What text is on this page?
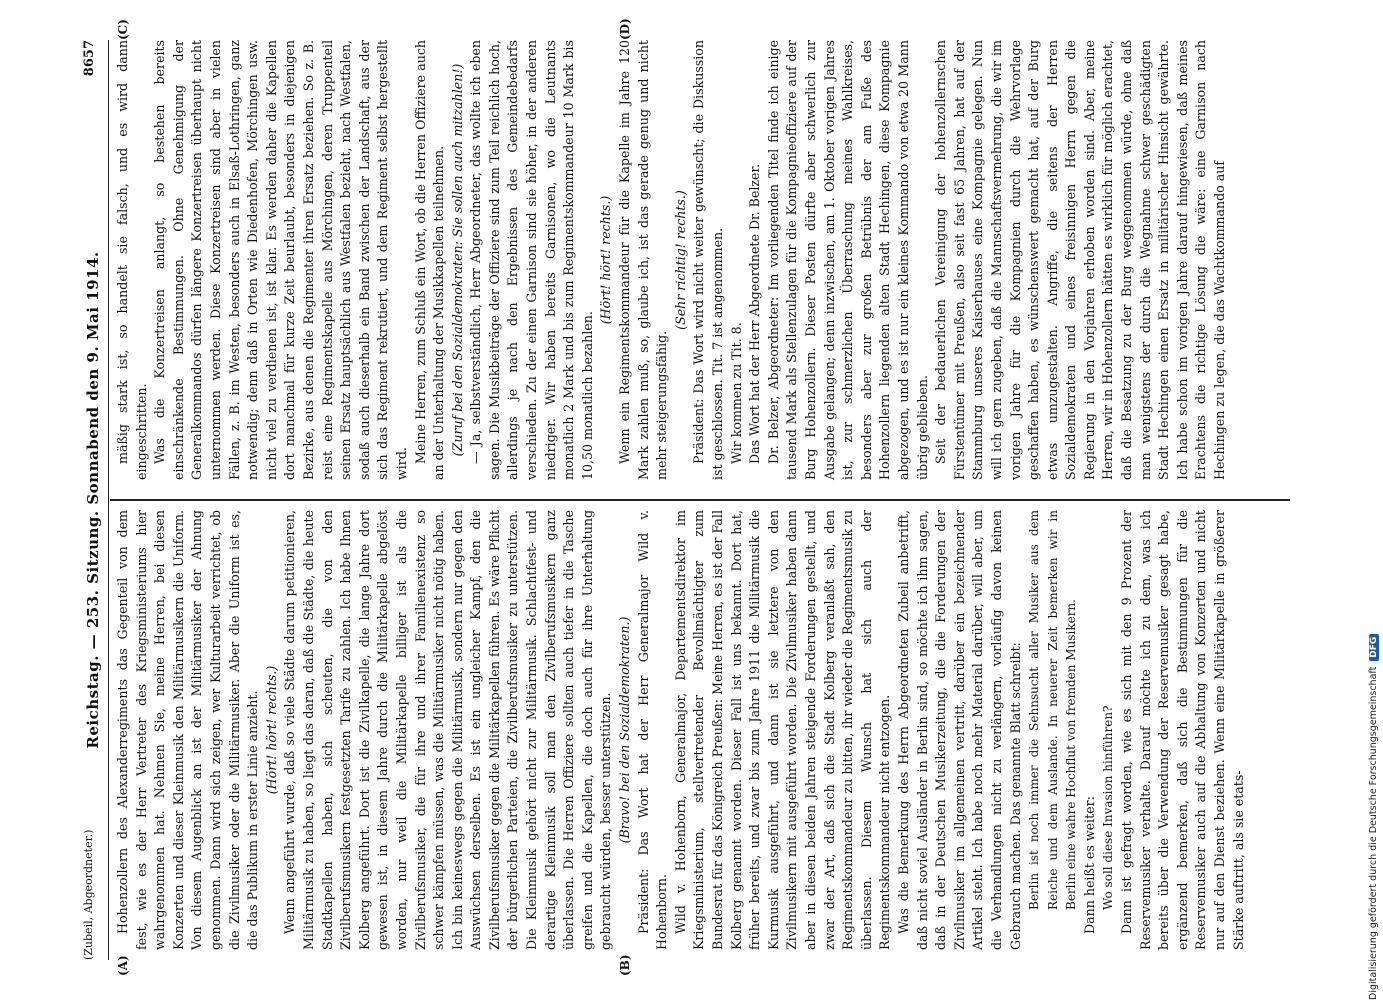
(Zubeil, Abgeordneter.)
Reichstag. — 253. Sitzung. Sonnabend den 9. Mai 1914.
8657
(A)	(B)
(C)	(D)

Hohenzollern des Alexanderregiments das Gegenteil von dem fest, wie es der Herr Vertreter des Kriegsministeriums hier wahrgenommen hat. Nehmen Sie, meine Herren, bei diesen Konzerten und dieser Kleinmusik den Militärmusikern die Uniform. Von diesem Augenblick an ist der Militärmusiker der Ahnung genommen. Dann wird sich zeigen, wer Kulturarbeit verrichtet, ob die Zivilmusiker oder die Militärmusiker. Aber die Uniform ist es, die das Publikum in erster Linie anzieht. (Hört! hört! rechts.) Wenn angeführt wurde, daß so viele Städte darum petitionieren, Militärmusik zu haben, so liegt das daran, daß die Städte, die heute Stadtkapellen haben, sich scheuten, die von den Zivilberufsmusikern festgesetzten Tarife zu zahlen. Ich habe Ihnen Kolberg angeführt. Dort ist die Zivilkapelle, die lange Jahre dort gewesen ist, in diesem Jahre durch die Militärkapelle abgelöst worden, nur weil die Militärkapelle billiger ist als die Zivilberufsmusiker, die für ihre und ihrer Familienexistenz so schwer kämpfen müssen, was die Militärmusiker nicht nötig haben. Ich bin keineswegs gegen die Militärmusik, sondern nur gegen den Auswüchsen derselben. Es ist ein ungleicher Kampf, den die Zivilberufsmusiker gegen die Militärkapellen führen. Es wäre Pflicht der bürgerlichen Parteien, die Zivilberufsmusiker zu unterstützen. Die Kleinmusik gehört nicht zur Militärmusik. Schlachtfest- und derartige Kleinmusik soll man den Zivilberufsmusikern ganz überlassen. Die Herren Offiziere sollten auch tiefer in die Tasche greifen und die Kapellen, die doch auch für ihre Unterhaltung gebraucht würden, besser unterstützen. (Bravo! bei den Sozialdemokraten.) Präsident: Das Wort hat der Herr Generalmajor Wild v. Hohenborn. Wild v. Hohenborn, Generalmajor, Departementsdirektor im Kriegsministerium, stellvertretender Bevollmächtigter zum Bundesrat für das Königreich Preußen: Meine Herren, es ist der Fall Kolberg genannt worden. Dieser Fall ist uns bekannt. Dort hat, früher bereits, und zwar bis zum Jahre 1911 die Militärmusik die Kurmusik ausgeführt, und dann ist sie letztere von den Zivilmusikern mit ausgeführt worden. Die Zivilmusiker haben dann aber in diesen beiden Jahren steigende Forderungen gestellt, und zwar der Art, daß sich die Stadt Kolberg veranlaßt sah, den Regimentskommandeur zu bitten, ihr wieder die Regimentsmusik zu überlassen. Diesem Wunsch hat sich auch der Regimentskommandeur nicht entzogen. Was die Bemerkung des Herrn Abgeordneten Zubeil anbetrifft, daß nicht soviel Ausländer in Berlin sind, so möchte ich ihm sagen, daß in der Deutschen Musikerzeitung, die die Forderungen der Zivilmusiker im allgemeinen vertritt, darüber ein bezeichnender Artikel steht. Ich habe noch mehr Material darüber, will aber, um die Verhandlungen nicht zu verlängern, vorläufig davon keinen Gebrauch machen. Das genannte Blatt schreibt: Berlin ist noch immer die Sehnsucht aller Musiker aus dem Reiche und dem Auslande. In neuerer Zeit bemerken wir in Berlin eine wahre Hochflut von fremden Musikern. Dann heißt es weiter: Wo soll diese Invasion hinführen? Dann ist gefragt worden, wie es sich mit den 9 Prozent der Reservemusiker verhalte. Darauf möchte ich zu dem, was ich bereits über die Verwendung der Reservemusiker gesagt habe, ergänzend bemerken, daß sich die Bestimmungen für die Reservemusiker auch auf die Abhaltung von Konzerten und nicht nur auf den Dienst beziehen. Wenn eine Militärkapelle in größerer Stärke auftritt, als sie etats-

mäßig stark ist, so handelt sie falsch, und es wird dann eingeschritten. Was die Konzertreisen anlangt, so bestehen bereits einschränkende Bestimmungen. Ohne Genehmigung der Generalkommandos dürfen längere Konzertreisen überhaupt nicht unternommen werden. Diese Konzertreisen sind aber in vielen Fällen, z. B. im Westen, besonders auch in Elsaß-Lothringen, ganz notwendig; denn daß in Orten wie Diedenhofen, Mörchingen usw. nicht viel zu verdienen ist, ist klar. Es werden daher die Kapellen dort manchmal für kurze Zeit beurlaubt, besonders in diejenigen Bezirke, aus denen die Regimenter ihren Ersatz beziehen. So z. B. reist eine Regimentskapelle aus Mörchingen, deren Truppenteil seinen Ersatz hauptsächlich aus Westfalen bezieht, nach Westfalen, sodaß auch dieserhalb ein Band zwischen der Landschaft, aus der sich das Regiment rekrutiert, und dem Regiment selbst hergestellt wird. Meine Herren, zum Schluß ein Wort, ob die Herren Offiziere auch an der Unterhaltung der Musikkapellen teilnehmen. (Zuruf bei den Sozialdemokraten: Sie sollen auch mitzahlen!) — Ja, selbstverständlich, Herr Abgeordneter, das wollte ich eben sagen. Die Musikbeiträge der Offiziere sind zum Teil reichlich hoch, allerdings je nach den Ergebnissen des Gemeindebedarfs verschieden. Zu der einen Garnison sind sie höher, in der anderen niedriger. Wir haben bereits Garnisonen, wo die Leutnants monatlich 2 Mark und bis zum Regimentskommandeur 10 Mark bis 10,50 monatlich bezahlen.

(Hört! hört! rechts.) Wenn ein Regimentskommandeur für die Kapelle im Jahre 120 Mark zahlen muß, so, glaube ich, ist das gerade genug und nicht mehr steigerungsfähig.

(Sehr richtig! rechts.) Präsident: Das Wort wird nicht weiter gewünscht; die Diskussion ist geschlossen. Tit. 7 ist angenommen. Wir kommen zu Tit. 8. Das Wort hat der Herr Abgeordnete Dr. Belzer. Dr. Belzer, Abgeordneter: Im vorliegenden Titel finde ich einige tausend Mark als Stellenzulagen für die Kompagnieoffiziere auf der Burg Hohenzollern. Dieser Posten dürfte aber schwerlich zur Ausgabe gelangen; denn inzwischen, am 1. Oktober vorigen Jahres ist, zur schmerzlichen Überraschung meines Wahlkreises, besonders aber zur großen Betrübnis der am Fuße des Hohenzollern liegenden alten Stadt Hechingen, diese Kompagnie abgezogen, und es ist nur ein kleines Kommando von etwa 20 Mann übrig geblieben. Seit der bedauerlichen Vereinigung der hohenzollernschen Fürstentümer mit Preußen, also seit fast 65 Jahren, hat auf der Stammburg unseres Kaiserhauses eine Kompagnie gelegen. Nun will ich gern zugeben, daß die Mannschaftsvermehrung, die wir im vorigen Jahre für die Kompagnien durch die Wehrvorlage geschaffen haben, es wünschenswert gemacht hat, auf der Burg etwas umzugestalten. Angriffe, die seitens der Herren Sozialdemokraten und eines freisinnigen Herrn gegen die Regierung in den Vorjahren erhoben worden sind. Aber, meine Herren, wir in Hohenzollern hätten es wirklich für möglich erachtet, daß die Besatzung zu der Burg weggenommen würde, ohne daß man wenigstens der durch die Wegnahme schwer geschädigten Stadt Hechingen einen Ersatz in militärischer Hinsicht gewährte. Ich habe schon im vorigen Jahre darauf hingewiesen, daß meines Erachtens die richtige Lösung die wäre: eine Garnison nach Hechingen zu legen, die das Wachtkommando auf

Digitalisierung gefördert durch die Deutsche ForschungsgemeinschaftDFG
